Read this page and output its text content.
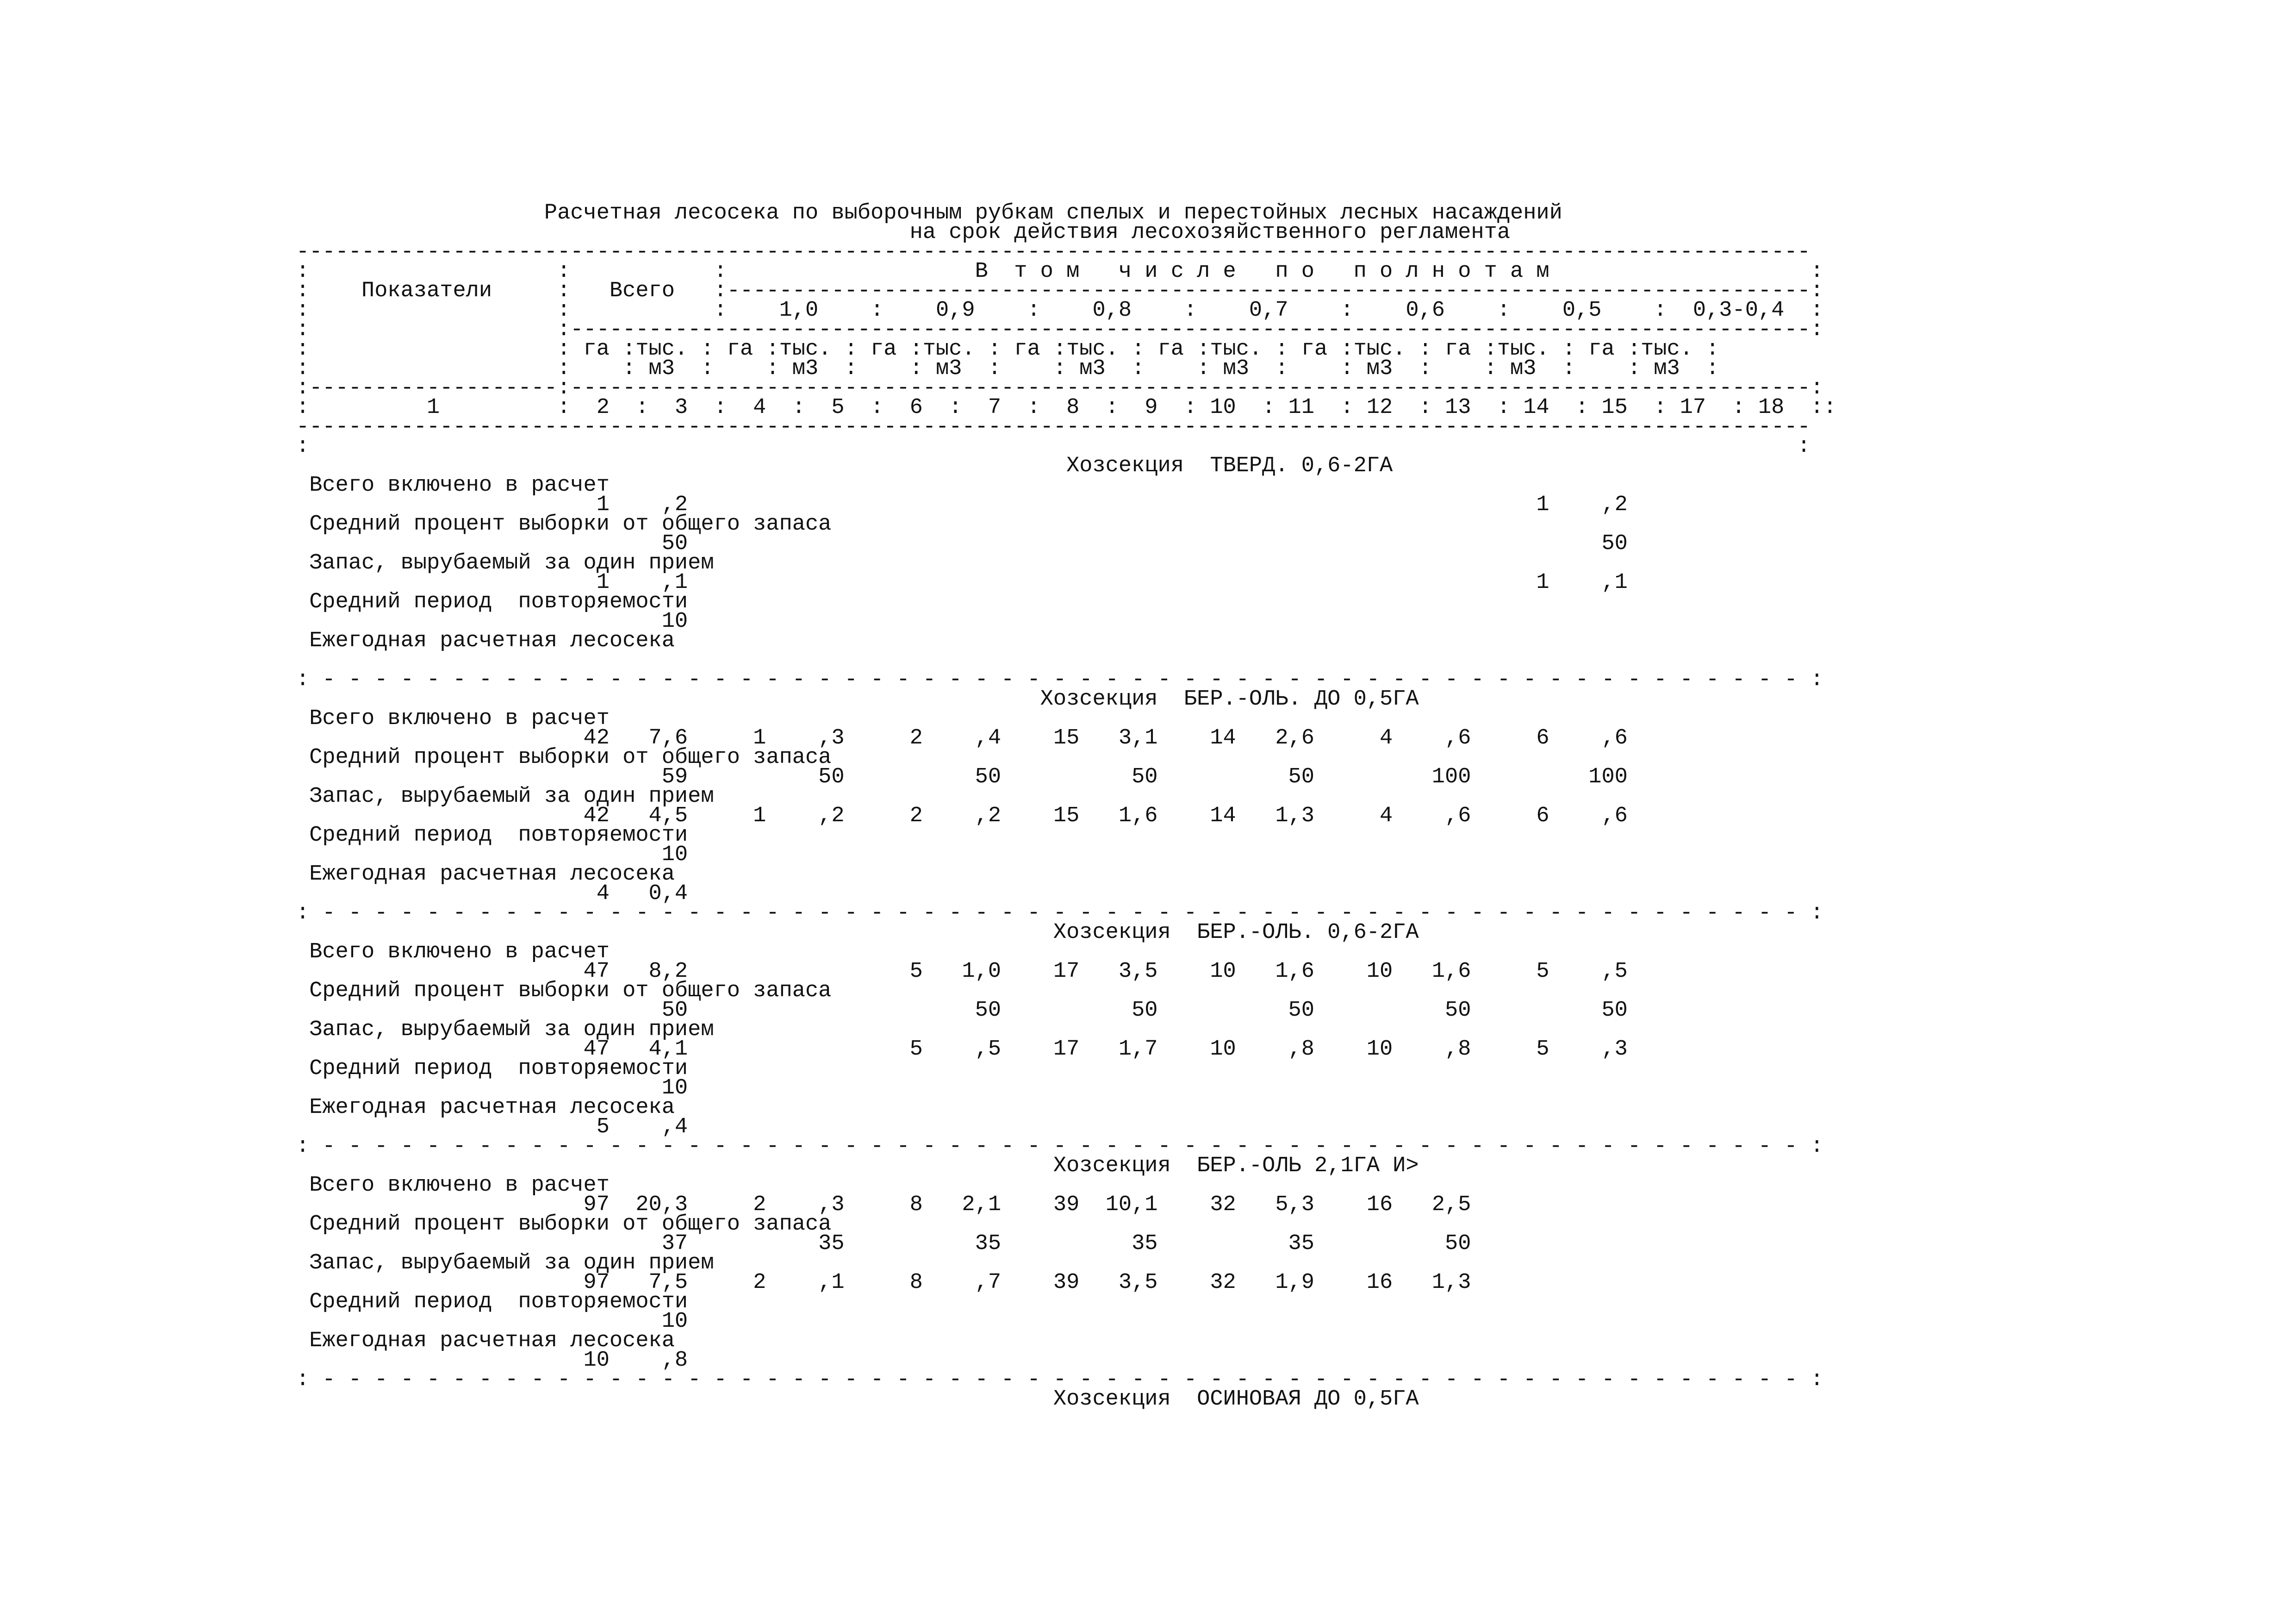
Расчетная лесосека по выборочным рубкам спелых и перестойных лесных насаждений
на срок действия лесохозяйственного регламента
--------------------------------------------------------------------------------------------------------------------
:                   :           :                   В  т о м   ч и с л е   п о   п о л н о т а м                    :
:    Показатели     :   Всего   :-----------------------------------------------------------------------------------:
:                   :           :    1,0    :    0,9    :    0,8    :    0,7    :    0,6    :    0,5    :  0,3-0,4  :
:                   :-----------------------------------------------------------------------------------------------:
:                   : га :тыс. : га :тыс. : га :тыс. : га :тыс. : га :тыс. : га :тыс. : га :тыс. : га :тыс. :
:                   :    : м3  :    : м3  :    : м3  :    : м3  :    : м3  :    : м3  :    : м3  :    : м3  :
:-------------------:-----------------------------------------------------------------------------------------------:
:         1         :  2  :  3  :  4  :  5  :  6  :  7  :  8  :  9  : 10  : 11  : 12  : 13  : 14  : 15  : 17  : 18  ::
--------------------------------------------------------------------------------------------------------------------
:                                                                                                                  :
Хозсекция  ТВЕРД. 0,6-2ГА
Всего включено в расчет
1    ,2                                                                 1    ,2
Средний процент выборки от общего запаса
50                                                                      50
Запас, вырубаемый за один прием
1    ,1                                                                 1    ,1
Средний период  повторяемости
10
Ежегодная расчетная лесосека
: - - - - - - - - - - - - - - - - - - - - - - - - - - - - - - - - - - - - - - - - - - - - - - - - - - - - - - - - - :
Хозсекция  БЕР.-ОЛЬ. ДО 0,5ГА
Всего включено в расчет
42   7,6     1    ,3     2    ,4    15   3,1    14   2,6     4    ,6     6    ,6
Средний процент выборки от общего запаса
59          50          50          50          50         100         100
Запас, вырубаемый за один прием
42   4,5     1    ,2     2    ,2    15   1,6    14   1,3     4    ,6     6    ,6
Средний период  повторяемости
10
Ежегодная расчетная лесосека
4   0,4
: - - - - - - - - - - - - - - - - - - - - - - - - - - - - - - - - - - - - - - - - - - - - - - - - - - - - - - - - - :
Хозсекция  БЕР.-ОЛЬ. 0,6-2ГА
Всего включено в расчет
47   8,2                 5   1,0    17   3,5    10   1,6    10   1,6     5    ,5
Средний процент выборки от общего запаса
50                      50          50          50          50          50
Запас, вырубаемый за один прием
47   4,1                 5    ,5    17   1,7    10    ,8    10    ,8     5    ,3
Средний период  повторяемости
10
Ежегодная расчетная лесосека
5    ,4
: - - - - - - - - - - - - - - - - - - - - - - - - - - - - - - - - - - - - - - - - - - - - - - - - - - - - - - - - - :
Хозсекция  БЕР.-ОЛЬ 2,1ГА И>
Всего включено в расчет
97  20,3     2    ,3     8   2,1    39  10,1    32   5,3    16   2,5
Средний процент выборки от общего запаса
37          35          35          35          35          50
Запас, вырубаемый за один прием
97   7,5     2    ,1     8    ,7    39   3,5    32   1,9    16   1,3
Средний период  повторяемости
10
Ежегодная расчетная лесосека
10    ,8
: - - - - - - - - - - - - - - - - - - - - - - - - - - - - - - - - - - - - - - - - - - - - - - - - - - - - - - - - - :
Хозсекция  ОСИНОВАЯ ДО 0,5ГА
